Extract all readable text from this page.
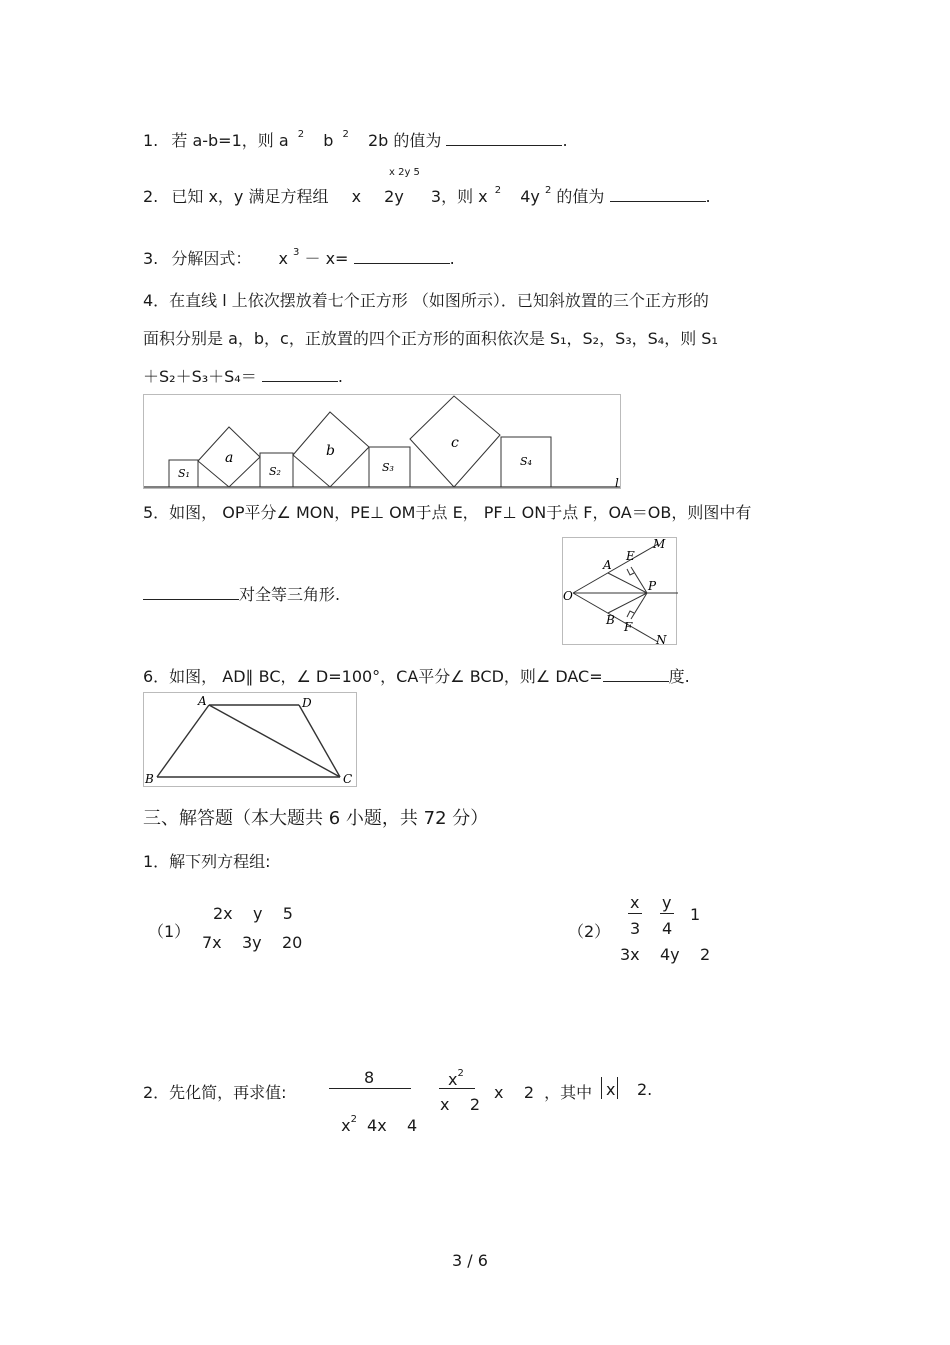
1. 若 a-b=1，则 a $^2$ b $^2$ 2b 的值为	.
x 2y 5
2. 已知 x，y 满足方程组 x 2y 3，则 x $^2$ 4y $^2$ 的值为	.
3. 分解因式： x $^3$ － x=	.
4．在直线 l 上依次摆放着七个正方形 （如图所示）．已知斜放置的三个正方形的
面积分别是 a，b，c，正放置的四个正方形的面积依次是 S₁，S₂，S₃，S₄，则 S₁
＋S₂＋S₃＋S₄＝	.
S₁
a
S₂
b
S₃
c
S₄
l
5．如图， OP平分∠ MON，PE⊥ OM于点 E， PF⊥ ON于点 F，OA＝OB，则图中有
对全等三角形.	O
A
E
M
P
B F
N
6．如图， AD∥ BC，∠ D=100°，CA平分∠ BCD，则∠ DAC=	度.
A	D
B	C
三、解答题（本大题共 6 小题，共 72 分）
1．解下列方程组:
（1）
2x    y    5
7x    3y    20
（2）
x y
3 4
1
3x    4y    2
2．先化简，再求值:
8

$x^2$ 4x    4

$x^2$
x    2
x    2  ，其中 x 2.
3 / 6
